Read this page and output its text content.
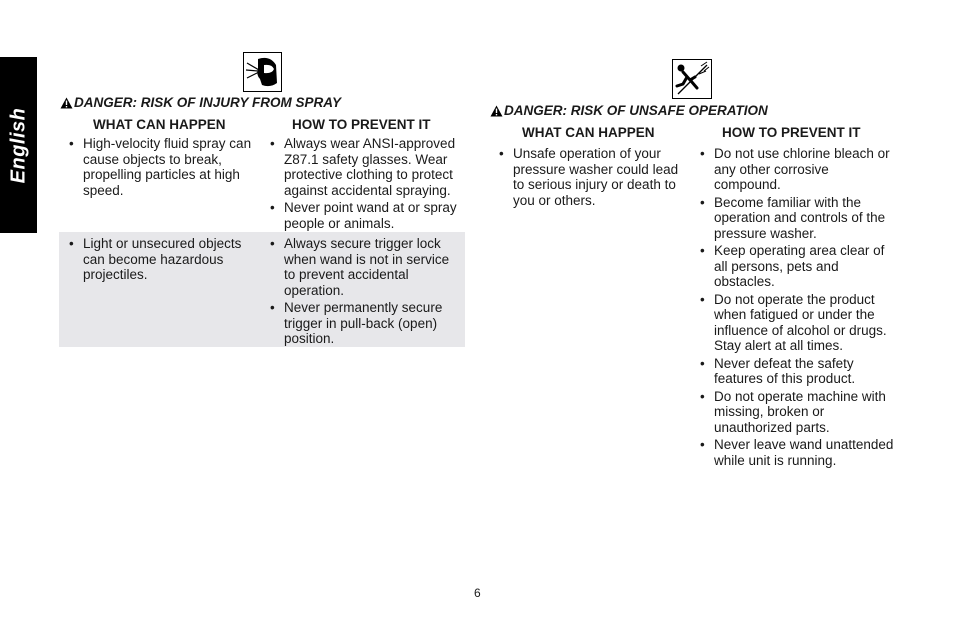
English
DANGER: RISK OF INJURY FROM SPRAY
WHAT CAN HAPPEN	HOW TO PREVENT IT
• High-velocity fluid spray can cause objects to break, propelling particles at high speed.
• Always wear ANSI-approved Z87.1 safety glasses. Wear protective clothing to protect against accidental spraying.
• Never point wand at or spray people or animals.
• Light or unsecured objects can become hazardous projectiles.
• Always secure trigger lock when wand is not in service to prevent accidental operation.
• Never permanently secure trigger in pull-back (open) position.
DANGER: RISK OF UNSAFE OPERATION
WHAT CAN HAPPEN	HOW TO PREVENT IT
• Unsafe operation of your pressure washer could lead to serious injury or death to you or others.
• Do not use chlorine bleach or any other corrosive compound.
• Become familiar with the operation and controls of the pressure washer.
• Keep operating area clear of all persons, pets and obstacles.
• Do not operate the product when fatigued or under the influence of alcohol or drugs. Stay alert at all times.
• Never defeat the safety features of this product.
• Do not operate machine with missing, broken or unauthorized parts.
• Never leave wand unattended while unit is running.
6
